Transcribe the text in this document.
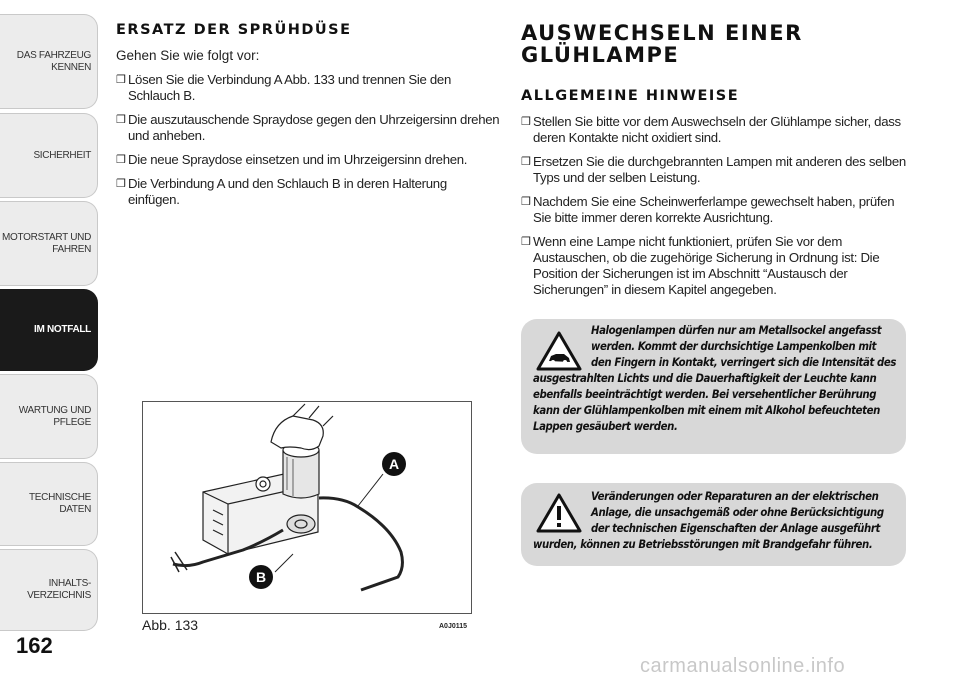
DAS FAHRZEUG
KENNEN
SICHERHEIT
MOTORSTART UND
FAHREN
IM NOTFALL
WARTUNG UND
PFLEGE
TECHNISCHE DATEN
INHALTS-
VERZEICHNIS
162
ERSATZ DER SPRÜHDÜSE
Gehen Sie wie folgt vor:
❒ Lösen Sie die Verbindung A Abb. 133 und trennen Sie den Schlauch B.
❒ Die auszutauschende Spraydose gegen den Uhrzeigersinn drehen und anheben.
❒ Die neue Spraydose einsetzen und im Uhrzeigersinn drehen.
❒ Die Verbindung A und den Schlauch B in deren Halterung einfügen.
A
B
Abb. 133	A0J0115
AUSWECHSELN EINER
GLÜHLAMPE
ALLGEMEINE HINWEISE
❒ Stellen Sie bitte vor dem Auswechseln der Glühlampe sicher, dass deren Kontakte nicht oxidiert sind.
❒ Ersetzen Sie die durchgebrannten Lampen mit anderen des selben Typs und der selben Leistung.
❒ Nachdem Sie eine Scheinwerferlampe gewechselt haben, prüfen Sie bitte immer deren korrekte Ausrichtung.
❒ Wenn eine Lampe nicht funktioniert, prüfen Sie vor dem Austauschen, ob die zugehörige Sicherung in Ordnung ist: Die Position der Sicherungen ist im Abschnitt “Austausch der Sicherungen” in diesem Kapitel angegeben.
Halogenlampen dürfen nur am Metallsockel angefasst werden. Kommt der durchsichtige Lampenkolben mit den Fingern in Kontakt, verringert sich die Intensität des ausgestrahlten Lichts und die Dauerhaftigkeit der Leuchte kann ebenfalls beeinträchtigt werden. Bei versehentlicher Berührung kann der Glühlampenkolben mit einem mit Alkohol befeuchteten Lappen gesäubert werden.
Veränderungen oder Reparaturen an der elektrischen Anlage, die unsachgemäß oder ohne Berücksichtigung der technischen Eigenschaften der Anlage ausgeführt wurden, können zu Betriebsstörungen mit Brandgefahr führen.
carmanualsonline.info
